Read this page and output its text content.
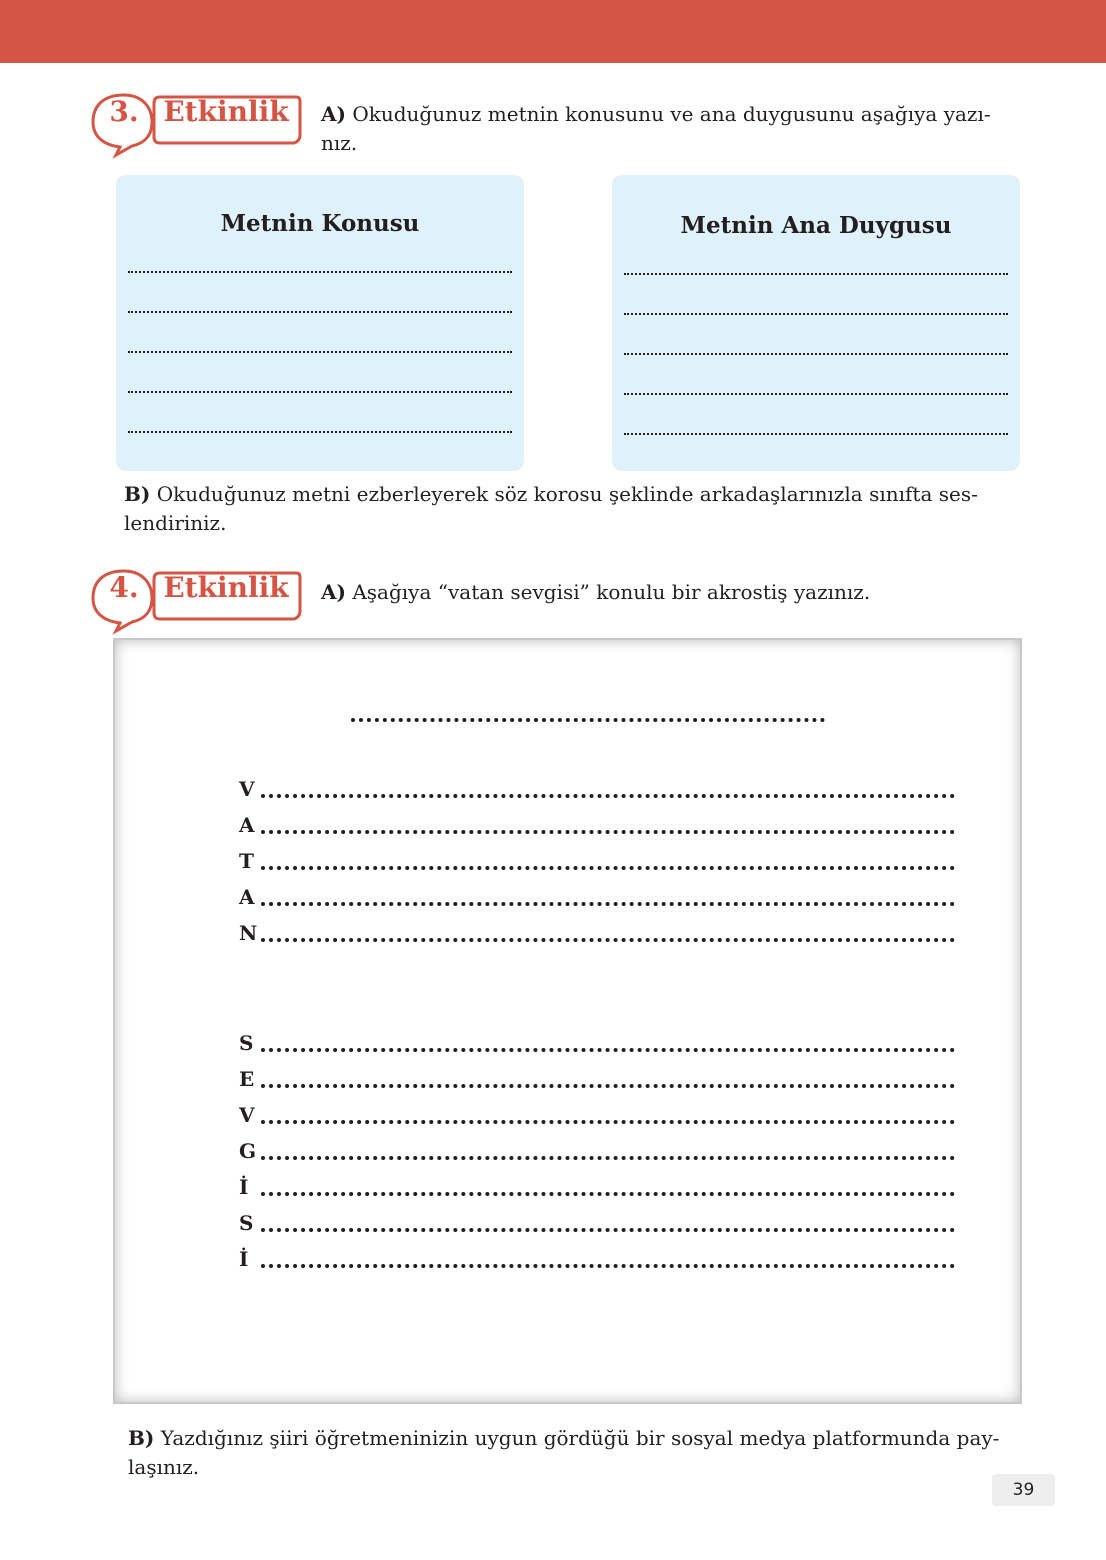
3. Etkinlik	A) Okuduğunuz metnin konusunu ve ana duygusunu aşağıya yazı-
nız.
Metnin Konusu	Metnin Ana Duygusu
B) Okuduğunuz metni ezberleyerek söz korosu şeklinde arkadaşlarınızla sınıfta ses-
lendiriniz.
4. Etkinlik	A) Aşağıya “vatan sevgisi” konulu bir akrostiş yazınız.
V
A
T
A
N
S
E
V
G
İ
S
İ
B) Yazdığınız şiiri öğretmeninizin uygun gördüğü bir sosyal medya platformunda pay-
laşınız.
39
